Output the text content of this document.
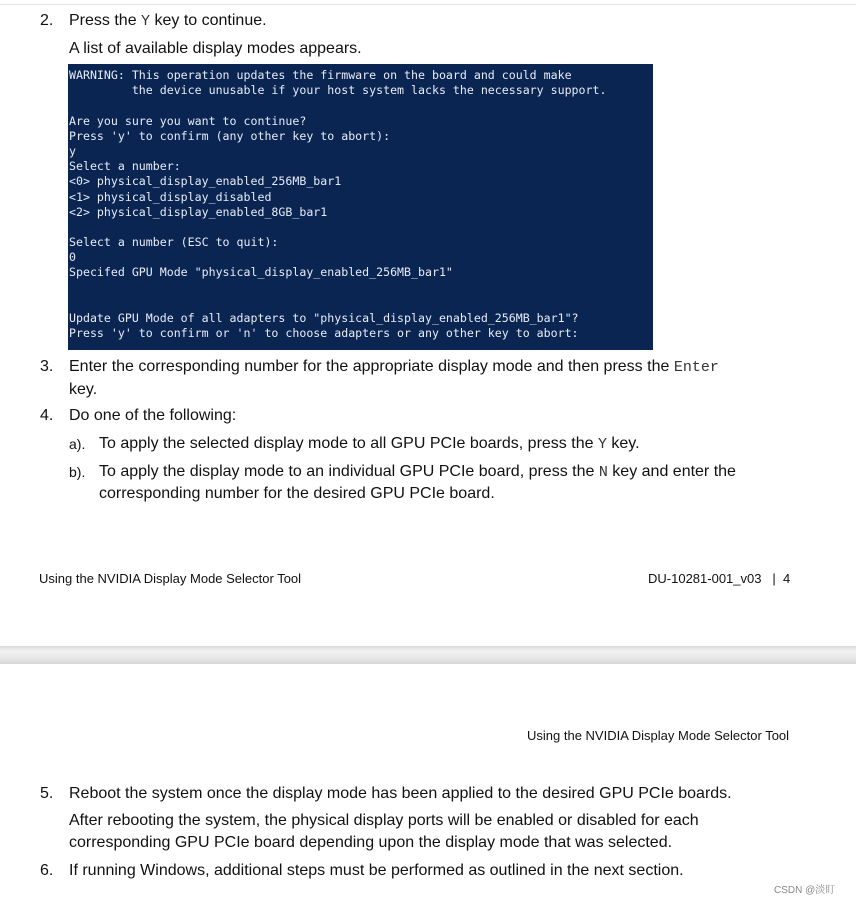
2. Press the Y key to continue.
A list of available display modes appears.
WARNING: This operation updates the firmware on the board and could make
the device unusable if your host system lacks the necessary support.
Are you sure you want to continue?
Press 'y' to confirm (any other key to abort):
y
Select a number:
<0> physical_display_enabled_256MB_bar1
<1> physical_display_disabled
<2> physical_display_enabled_8GB_bar1
Select a number (ESC to quit):
0
Specifed GPU Mode "physical_display_enabled_256MB_bar1"
Update GPU Mode of all adapters to "physical_display_enabled_256MB_bar1"?
Press 'y' to confirm or 'n' to choose adapters or any other key to abort:
3. Enter the corresponding number for the appropriate display mode and then press the Enter
key.
4. Do one of the following:
a). To apply the selected display mode to all GPU PCIe boards, press the Y key.
b). To apply the display mode to an individual GPU PCIe board, press the N key and enter the
corresponding number for the desired GPU PCIe board.
Using the NVIDIA Display Mode Selector Tool	DU-10281-001_v03 | 4
Using the NVIDIA Display Mode Selector Tool
5. Reboot the system once the display mode has been applied to the desired GPU PCIe boards.
After rebooting the system, the physical display ports will be enabled or disabled for each
corresponding GPU PCIe board depending upon the display mode that was selected.
6. If running Windows, additional steps must be performed as outlined in the next section.
CSDN @淡盯
